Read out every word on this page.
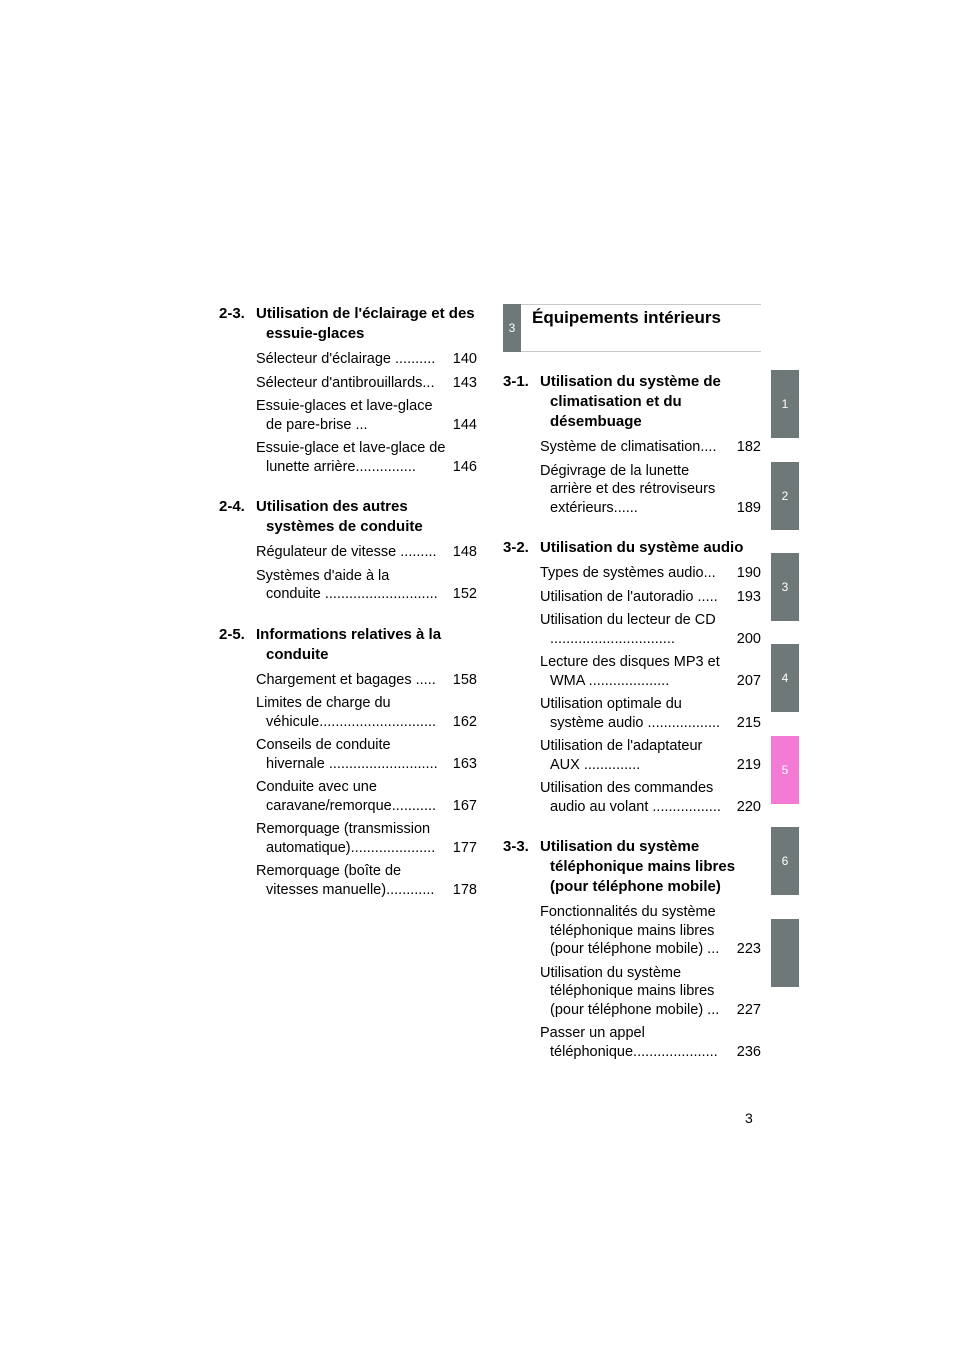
2-3. Utilisation de l'éclairage et des essuie-glaces
Sélecteur d'éclairage ..........	140
Sélecteur d'antibrouillards...	143
Essuie-glaces et lave-glace de pare-brise ...	144
Essuie-glace et lave-glace de lunette arrière...............	146
2-4. Utilisation des autres systèmes de conduite
Régulateur de vitesse .........	148
Systèmes d'aide à la conduite ............................	152
2-5. Informations relatives à la conduite
Chargement et bagages .....	158
Limites de charge du véhicule.............................	162
Conseils de conduite hivernale ...........................	163
Conduite avec une caravane/remorque...........	167
Remorquage (transmission automatique).....................	177
Remorquage (boîte de vitesses manuelle)............	178
3
Équipements intérieurs
3-1. Utilisation du système de climatisation et du désembuage
Système de climatisation....	182
Dégivrage de la lunette arrière et des rétroviseurs extérieurs......	189
3-2. Utilisation du système audio
Types de systèmes audio...	190
Utilisation de l'autoradio .....	193
Utilisation du lecteur de CD ...............................	200
Lecture des disques MP3 et WMA ....................	207
Utilisation optimale du système audio ..................	215
Utilisation de l'adaptateur AUX ..............	219
Utilisation des commandes audio au volant .................	220
3-3. Utilisation du système téléphonique mains libres (pour téléphone mobile)
Fonctionnalités du système téléphonique mains libres (pour téléphone mobile) ...	223
Utilisation du système téléphonique mains libres (pour téléphone mobile) ...	227
Passer un appel téléphonique.....................	236
1
2
3
4
5
6
3
